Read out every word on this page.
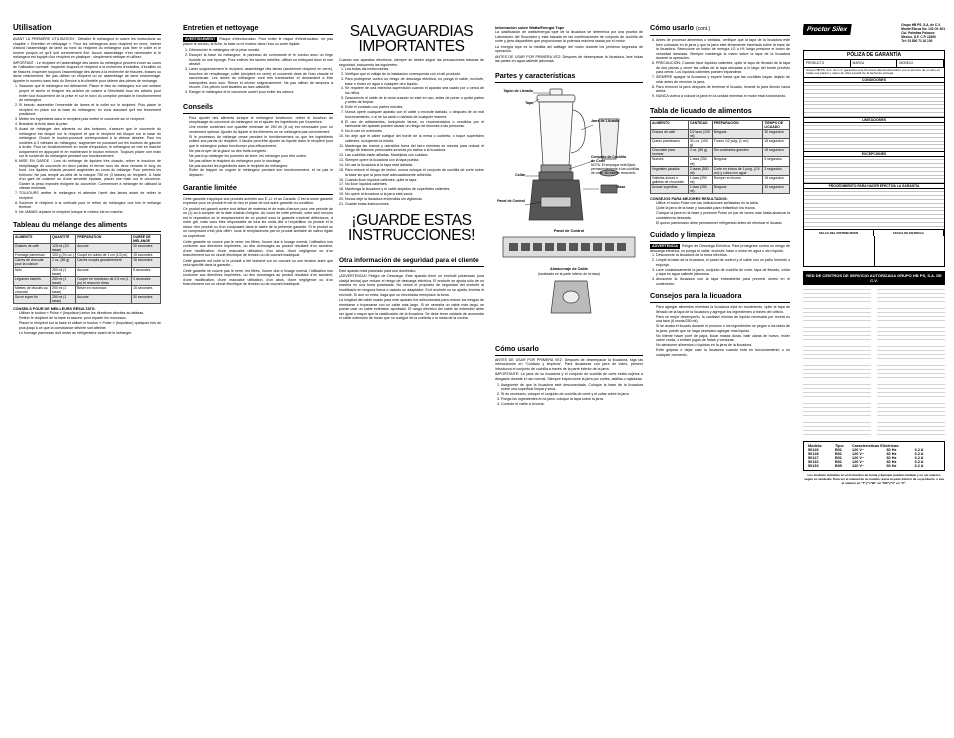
Utilisation

AVANT LA PREMIÈRE UTILISATION : Déballer le mélangeur et suivre les instructions au chapitre « Entretien et nettoyage ». Pour les mélangeurs avec récipient en verre, insérer d'abord l'assemblage de lame au fond du récipient du mélangeur puis fixer le collet et le tourner jusqu'à ce qu'il soit correctement fixé. Aucun assemblage n'est nécessaire si le mélangeur est équipé d'un récipient en plastique ; simplement nettoyer et utiliser.

IMPORTANT : Le récipient et l'assemblage des lames du mélangeur peuvent s'user au cours de l'utilisation normale. Inspecter toujours le récipient à la recherche d'entailles, d'écaillés ou de fissures. Inspecter toujours l'assemblage des lames à la recherche de fissures, bosses ou lâche relâchement. Ne pas utiliser un récipient ou un assemblage de lame endommagé. Appeler le numéro sans frais du Service à la clientèle pour obtenir des pièces de rechange.

1. Sassurer que le mélangeur est débranché. Placer le bloc du mélangeur sur une surface propre et sèche et éloigner les articles de cuisine à l'électricité tous les articles pour éviter tout écoulement de la prise et sur le bord du comptoir pendant le fonctionnement du mélangeur.
2. Si besoin, assembler l'ensemble de lames et le collet sur le récipient. Puis placer le récipient en place sur la base du mélangeur, en vous assurant qu'il est fermement positionné.
3. Mettre les ingrédients dans le récipient puis mettre le couvercle sur le récipient.
4. Brancher la fiche dans la prise.
5. Avant de mélanger des aliments ou des boissons, s'assurer que le couvercle du mélangeur est bloqué sur le récipient et que le récipient est bloqué sur la base du mélangeur. Choisir le bouton-poussoir correspondant à la vitesse désirée. Pour les modèles à 3 vitesses du mélangeur, augmenter en poussant sur les boutons de gauche à droite. Pour un fonctionnement en mode d'impulsion, le mélangeur se met en marche uniquement en appuyant et en maintenant le bouton enfoncé. Toujours placer une main sur le couvercle du mélangeur pendant son fonctionnement.
6. MISE EN GARDE : Lors du mélange de liquides très chauds, retirer le bouchon de remplissage du couvercle en deux parties et fermer tous les deux venants le long du bord. Les liquides chauds peuvent augmenter au cours du mélange. Pour prévenir les brûlures: Ne pas remplir au-delà de la marque 750 ml (3 tasses) du récipient. À l'aide d'un gant de cuisinier ou d'une serviette épaisse, placer une main sur le couvercle. Garder la peau exposée éloignée du couvercle. Commencer à mélanger en utilisant la vitesse minimale.
7. TOUJOURS arrêter le mélangeur et attendre l'arrêt des lames avant de retirer le récipient.
8. Soulever le récipient à la verticale pour le retirer du mélangeur une fois le mélange terminé.
9. Ne JAMAIS replacer le récipient lorsque le moteur est en marche.
Tableau du mélange des aliments
ALIMENTS	QUANTITÉ	PRÉPARATION	DURÉE DE MÉLANGE
Graines de café	125 ml (1/2 tasse)	Aucune	30 secondes
Fromage parmesan	100 g (3¼ oz.)	Coupé en cubes de 1 cm (1/2 po)	15 secondes
Carrés de chocolat pour la cuisson	2 oz. (56 g)	Carrés coupés grossièrement	15 secondes
Noix	250 ml (1 tasse)	Aucune	5 secondes
Légumes hachés	250 ml (1 tasse)	Couper en morceaux de 2,5 cm (1 po) et recouvrir d'eau	3 secondes
Miettes de biscuits au chocolat	250 ml (1 tasse)	Briser en morceaux	15 secondes
Sucre super fin	250 ml (1 tasse)	Aucune	30 secondes
CONSEILS POUR DE MEILLEURS RÉSULTATS:
• Utiliser le bouton « Pulse » (Impulsion) selon les directives décrites au tableau.
• Retirer le récipient de la base et assurer pour répartir les morceaux.
• Placer le récipient sur la base et utiliser le bouton « Pulse » (Impulsion) quelques fois de plus jusqu'à ce que la consistance désirée soit atteinte.
• Le fromage parmesan doit rester au réfrigérateur avant de le mélanger.
Entretien et nettoyage
AVERTISSEMENT Risque d'électrocution. Pour éviter le risque d'électrocution, ne pas placer le cordon, la fiche, la base ou le moteur dans l'eau ou autre liquide.
1. Débrancher le mélangeur de la prise murale.
2. Essuyer la base du mélangeur, le panneau de commande et le cordon avec un linge humide ou une éponge. Pour enlever les taches rebelles, utiliser un nettoyant doux et non abrasif.
3. Laver soigneusement le récipient, assemblage des lames (seulement récipient en verre), bouchon de remplissage, collet (récipient en verre) et couvercle dans de l'eau chaude et savonneuse. Les lames du mélangeur sont très tranchantes et demandent à être manipulées avec soin. Rincer et sécher soigneusement. Ne pas utiliser de tampons à récurer. Ces pièces sont lavables au lave-vaisselle.
4. Ranger le mélangeur et le couvercle ouvert pour éviter les odeurs.
Conseils
• Pour ajouter des aliments lorsque le mélangeur fonctionne, retirer le bouchon de remplissage du couvercle du mélangeur ou et ajouter les ingrédients par l'ouverture.
• Une recette contenant une quantité minimale de 250 ml (8 oz) est nécessaire pour un rendement optimal. Ajouter du liquide si les éléments ne se mélangent pas correctement.
• Si le processus de mélange cesse pendant le fonctionnement ou que les ingrédients collent aux parois du récipient, il faudra peut-être ajouter du liquide dans le récipient pour que le mélangeur puisse fonctionner plus efficacement.
• Ne pas broyer de la glace ou des fruits congelés.
• Ne pas trop mélanger les pommes de terre, les mélanger pour être cuites.
• Ne pas utiliser le récipient du mélangeur pour le stockage.
• Ne pas stocker les ingrédients dans le récipient du mélangeur.
• Éviter de frapper ou cogner le mélangeur pendant son fonctionnement, et ne pas le déplacer.
Garantie limitée

Cette garantie s'applique aux produits achetés aux É.-U. et au Canada. C'est la seule garantie expresse pour ce produit et est en lieu et place de tout autre garantie ou condition.

Ce produit est garanti contre tout défaut de matériau et de main-d'œuvre pour une période de un (1) an à compter de la date d'achat d'origine. Au cours de cette période, votre seul recours est le réparation ou le remplacement de ce produit sous la garantie s'avérait défectueux, à notre gré, mais vous êtes responsable de tous les coûts liés à l'expédition du produit et le retour d'un produit ou d'un composant dans le cadre de la présente garantie. Si le produit ou un composant n'est plus offert, nous le remplacerons par un produit similaire de valeur égale ou supérieure.

Cette garantie ne couvre pas le verre, les filtres, l'usure due à l'usage normal, l'utilisation non conforme aux directives imprimées, ou des dommages au produit résultant d'un accident, d'une modification, d'une mauvaise utilisation, d'un abus, d'une négligence ou d'un branchement sur un circuit électrique de tension ou de courant inadéquat.

Cette garantie est nulle si le produit a été branché sur un courant ou une tension autre que celui spécifié dans la garantie...

Cette garantie ne couvre pas le verre, les filtres, l'usure due à l'usage normal, l'utilisation non conforme aux directives imprimées, ou des dommages au produit résultant d'un accident, d'une modification, d'une mauvaise utilisation, d'un abus, d'une négligence ou d'un branchement sur un circuit électrique de tension ou de courant inadéquat.

SALVAGUARDIAS IMPORTANTES
Cuando use aparatos eléctricos, siempre se deben seguir las precauciones básicas de seguridad, incluyendo las siguientes:
1. Lea todas las instrucciones.
2. Verifique que el voltaje de la instalación corresponda con el del producto.
3. Para protegerse contra un riesgo de descarga eléctrica, no ponga el cable, enchufe, base o motor en agua o cualquier otro líquido.
4. Se requiere de una estrecha supervisión cuando el aparato sea usado por o cerca de los niños.
5. Desconecte el cable de la toma cuando no esté en uso, antes de poner o quitar partes y antes de limpiar.
6. Evite el contacto con partes móviles.
7. Nunca opere cualquier aparato con el cable o enchufe dañado, o después de un mal funcionamiento, o si se ha caído o dañado de cualquier manera.
8. El uso de aditamentos, incluyendo tarros, no recomendados o vendidos por el fabricante del aparato pueden causar un riesgo de lesiones a las personas.
9. No lo use en exteriores.
10. No deje que el cable cuelgue del borde de la mesa o cubierta, o toque superficies calientes, incluyendo la estufa.
11. Mantenga las manos y utensilios fuera del tarro mientras se mezcla para reducir el riesgo de lesiones personales severas y/o daños a la licuadora.
12. Las cuchillas están afiladas. Manéjelas con cuidado.
13. Siempre opere la licuadora con la tapa puesta.
14. No use la licuadora si la tapa está dañada.
15. Para reducir el riesgo de lesión, nunca coloque el conjunto de cuchilla de corte sobre la base sin que la jarra esté adecuadamente adherida.
16. Cuando licue líquidos calientes, quite la tapa.
17. No licue líquidos calientes.
18. Mantenga la licuadora y el cable alejados de superficies calientes.
19. No opere la licuadora si la jarra está vacía.
20. Nunca deje la licuadora encendida sin vigilancia.
21. Guarde estas instrucciones.
¡GUARDE ESTAS INSTRUCCIONES!
Otra información de seguridad para el cliente

Este aparato está planeado para uso doméstico.

¡ADVERTENCIA! Peligro de Descarga: Este aparato tiene un enchufe polarizado (una clavija ancha) que reduce el riesgo de descarga eléctrica. El enchufe se ajusta sólo de un manera en una toma polarizada. No venza el propósito de seguridad del enchufe al modificarlo en ninguna forma o usando un adaptador. Si el enchufe no se ajusta, invierta el enchufe. Si aún no entra, haga que un electricista reemplace la toma.

La longitud del cable usado para este aparato fue seleccionada para reducir los riesgos de enredarse o tropezarse con un cable más largo. Si se necesita un cable más largo, se puede usar un cable extensión aprobado. El rango eléctrico del cable de extensión debe ser igual o mayor que la clasificación de la licuadora. Se debe tener cuidado de acomodar el cable extensión de modo que no cuelgue de la cubierta o la mesa de la cocina.

Información sobre Watts/Energía Tope

La clasificación de watts/energía tope de la licuadora se determina por una prueba de Laboratorio del Suscriptor y está basada en las combinaciones de conjunto de cuchilla de corte y jarra disponibles que proporcionan la potencia máxima usada por el motor.

La energía tope es la medida del wattage del motor durante los primeros segundos de operación.

ANTES DE USAR POR PRIMERA VEZ: Después de desempacar la licuadora, lave todas las partes en agua caliente jabonosa.

Partes y características
Tapón de Llenado
Tapa
Jarra de Licuado
Conjunto de Cuchilla de Corte
NOTA: El empaque está fijado permanentemente a las cuchillas de corte. No intente removerlo.
Collar
Base
Panel de Control
Panel de Control
Almacenaje de Cable
(localizado en la parte inferior de la base)
Cómo usarlo

ANTES DE USAR POR PRIMERA VEZ: Después de desempacar la licuadora, siga las instrucciones en "Cuidado y limpieza". Para licuadoras con jarra de vidrio, primero introduzca el conjunto de cuchilla a través de la parte inferior de la jarra.

IMPORTANTE: La jarra de su licuadora y el conjunto de cuchilla de corte están sujetos a desgaste durante el uso normal. Siempre inspeccione la jarra por cortes, astillas o rajaduras.

1. Asegúrese de que la licuadora esté desconectada. Coloque la base de la licuadora sobre una superficie limpia y seca.
2. Si es necesario, coloque el conjunto de cuchilla de corte y el collar sobre la jarra.
3. Ponga los ingredientes en la jarra; coloque la tapa sobre la jarra.
4. Conecte el cable a la toma.
Cómo usarlo (cont.)
5. Antes de procesar alimentos o bebidas, verifique que la tapa de la licuadora esté bien colocada en la jarra y que la jarra esté firmemente insertada sobre la base de la licuadora. Seleccione un botón de energía LO o HI; luego presione el botón de velocidad deseada. Siempre mantenga la mano sobre la tapa de la licuadora durante la operación.
6. PRECAUCIÓN: Cuando licue líquidos calientes, quite la tapa de llenado de la tapa de dos piezas y cierre las orillas de la tapa ubicadas a lo largo del borde previsto para cerrar. Los líquidos calientes pueden expandirse.
7. SIEMPRE apague la licuadora y espere hasta que las cuchillas hayan dejado de rotar antes de remover la jarra.
8. Para remover la jarra después de terminar el licuado, levante la jarra directo hacia arriba.
9. NUNCA vuelva a colocar la jarra en la unidad mientras el motor está funcionando.
Tabla de licuado de alimentos
ALIMENTO	CANTIDAD	PREPARACIÓN	TIEMPO DE LICUADO
Granos de café	1/2 taza (125 ml)	Ninguna	30 segundos
Queso parmesano	3¼ oz. (100 g)	Trozos 1/2 pulg. (1 cm)	15 segundos
Chocolate para hornear	2 oz. (56 g)	Sin cuadrados grandes	15 segundos
Nueces	1 taza (250 ml)	Ninguna	5 segundos
Vegetales picados	2 tazas (500 ml)	Corte en trozos de 1 pulg. (2.5 cm) y cubra con agua	3 segundos
Galletas dulces o galletas de chocolate	1 taza (250 ml)	Romper en trozos	15 segundos
Azúcar superfina	1 taza (250 ml)	Ninguna	30 segundos
CONSEJOS PARA MEJORES RESULTADOS:
• Utilice el botón Pulse con las indicaciones señaladas en la tabla.
• Quite la jarra de la base y sacúdala para redistribuir los trozos.
• Coloque la jarra en la base y presione Pulse un par de veces más hasta alcanzar la consistencia deseada.
• El queso parmesano debe permanecer refrigerado antes de efectuar el licuado.
Cuidado y limpieza
ADVERTENCIA Peligro de Descarga Eléctrica. Para protegerse contra un riesgo de descarga eléctrica, no ponga el cable, enchufe, base o motor en agua u otro líquido.
1. Desconecte la licuadora de la toma eléctrica.
2. Limpie la base de la licuadora, el panel de control y el cable con un paño húmedo o esponja.
3. Lave cuidadosamente la jarra, conjunto de cuchilla de corte, tapa de llenado, collar y tapa en agua caliente jabonosa.
4. Almacene la licuadora con la tapa entreabierta para prevenir olores en el contenedor.
Consejos para la licuadora
• Para agregar alimentos mientras la licuadora está en movimiento, quite la tapa de llenado de la tapa de la licuadora y agregue los ingredientes a través del orificio.
• Para un mejor desempeño, la cantidad mínima de líquido necesaria por receta es una taza (8 onzas/250 ml).
• Si se acaba el licuado durante el proceso o los ingredientes se pegan a los lados de la jarra, puede que se haga necesario agregar más líquido.
• No intente hacer puré de papa, licuar masas duras, batir claras de huevo, moler carne cruda, o extraer jugos de frutas y verduras.
• No almacene alimentos o líquidos en la jarra de la licuadora.
• Evite golpear o dejar caer la licuadora cuando está en funcionamiento o en cualquier momento.
Proctor Silex
Grupo HB PS, S.A. de C.V.
Monte Elbruz No. 132 Of. 601
Col. Palmitas Polanco
México, D.F. C.P. 11560
Tel: 01 800 71 16 100
PÓLIZA DE GARANTÍA
PRODUCTO	MARCA	MODELO
Grupo HB PS, S.A. de C.V. garantiza este Producto Electrodoméstico por el término de un año en todas sus partes y mano de obra a partir de la fecha de entrega.
CONDICIONES
LIMITACIONES
EXCEPCIONES
PROCEDIMIENTO PARA HACER EFECTIVA LA GARANTÍA
SELLO DEL DISTRIBUIDOR	FECHA DE ENTREGA
RED DE CENTROS DE SERVICIO AUTORIZADA GRUPO HB PS, S.A. DE C.V.
Modelo:	Tipo:	Características Eléctricas:		
50126	B01	120 V~	60 Hz	3.2 A
50128	B01	120 V~	60 Hz	3.2 A
50127	B01	120 V~	60 Hz	3.2 A
50132	B01	120 V~	60 Hz	3.2 A
50133	B09	120 V~	60 Hz	3.2 A
Los modelos incluidos en el instructivo de forma y Ejemplo pueden cambiar y no ser exactos según su vendedor. Para ver el manual de su modelo revise la parte inferior de su producto, o vea el número en "T"y"o"BI" en "MX"y"0" en "C".
